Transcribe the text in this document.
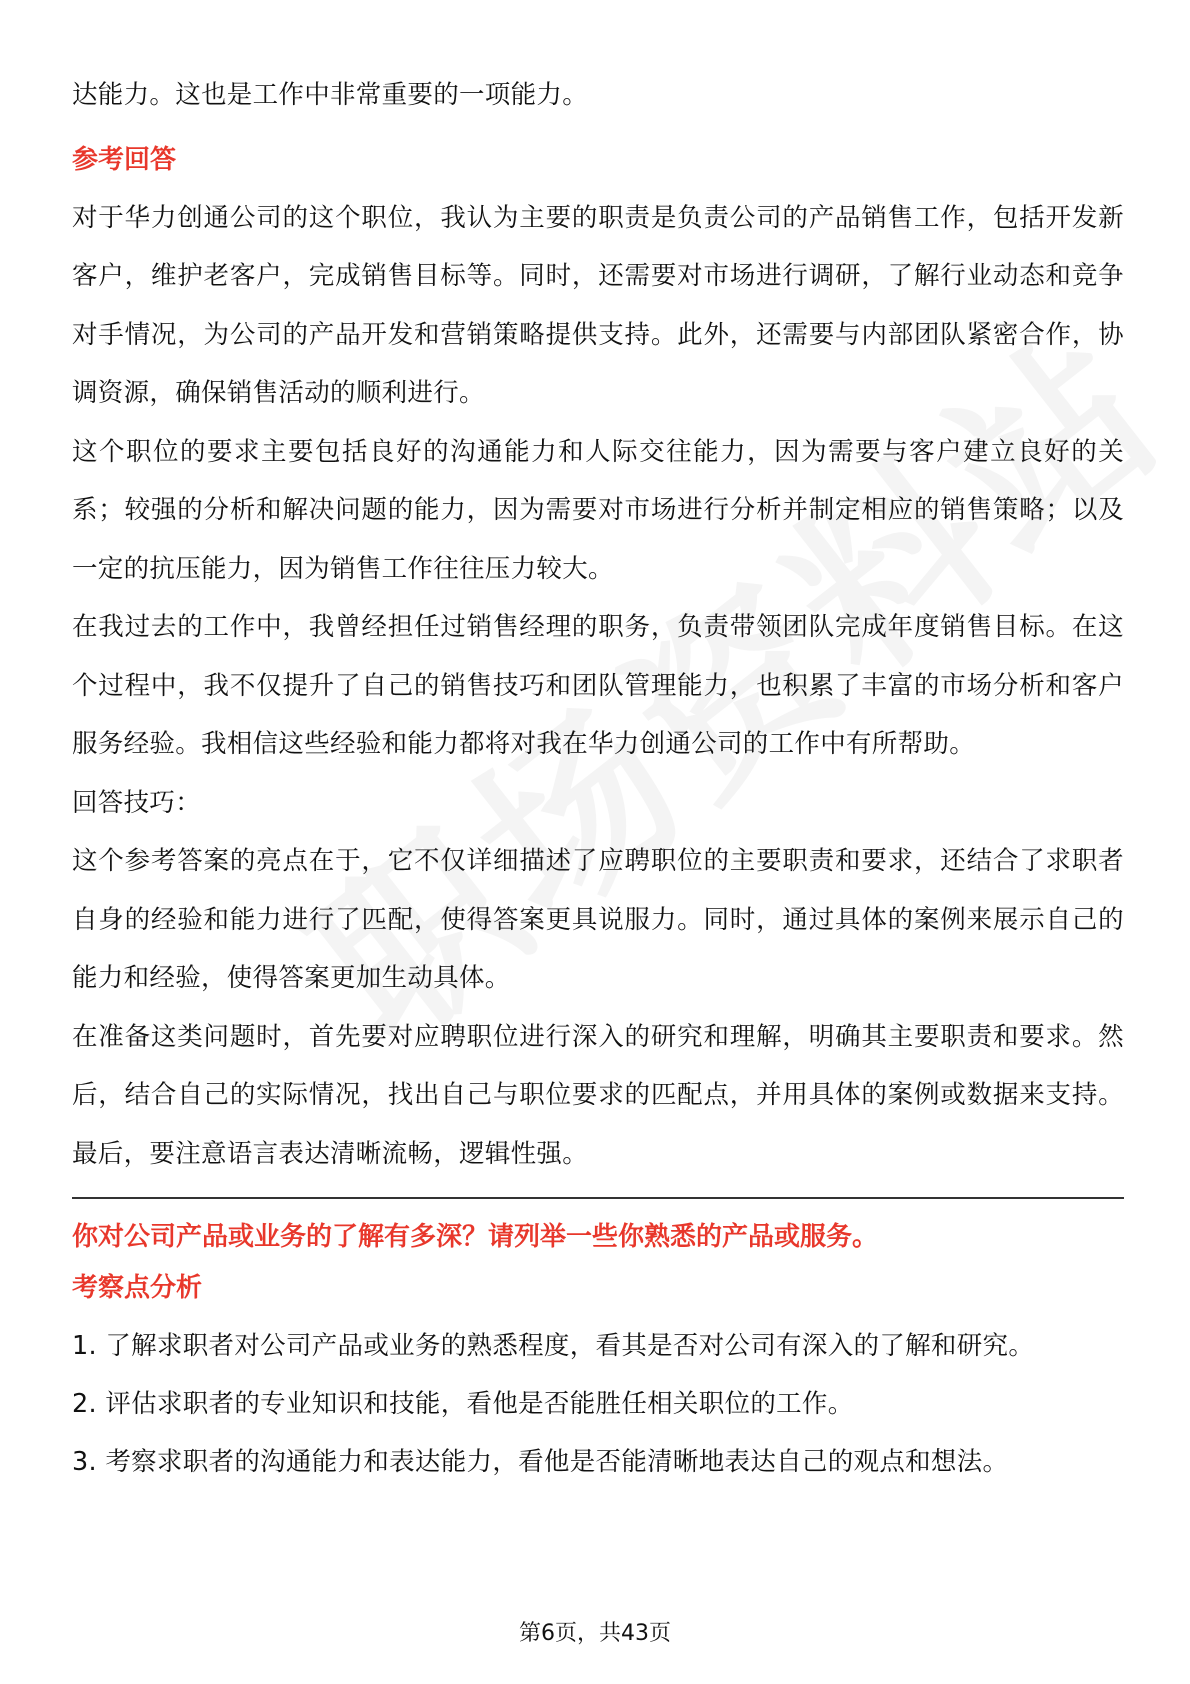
达能力。这也是工作中非常重要的一项能力。

参考回答

对于华力创通公司的这个职位，我认为主要的职责是负责公司的产品销售工作，包括开发新客户，维护老客户，完成销售目标等。同时，还需要对市场进行调研，了解行业动态和竞争对手情况，为公司的产品开发和营销策略提供支持。此外，还需要与内部团队紧密合作，协调资源，确保销售活动的顺利进行。

这个职位的要求主要包括良好的沟通能力和人际交往能力，因为需要与客户建立良好的关系；较强的分析和解决问题的能力，因为需要对市场进行分析并制定相应的销售策略；以及一定的抗压能力，因为销售工作往往压力较大。

在我过去的工作中，我曾经担任过销售经理的职务，负责带领团队完成年度销售目标。在这个过程中，我不仅提升了自己的销售技巧和团队管理能力，也积累了丰富的市场分析和客户服务经验。我相信这些经验和能力都将对我在华力创通公司的工作中有所帮助。

回答技巧：

这个参考答案的亮点在于，它不仅详细描述了应聘职位的主要职责和要求，还结合了求职者自身的经验和能力进行了匹配，使得答案更具说服力。同时，通过具体的案例来展示自己的能力和经验，使得答案更加生动具体。

在准备这类问题时，首先要对应聘职位进行深入的研究和理解，明确其主要职责和要求。然后，结合自己的实际情况，找出自己与职位要求的匹配点，并用具体的案例或数据来支持。最后，要注意语言表达清晰流畅，逻辑性强。

你对公司产品或业务的了解有多深？请列举一些你熟悉的产品或服务。

考察点分析

1. 了解求职者对公司产品或业务的熟悉程度，看其是否对公司有深入的了解和研究。

2. 评估求职者的专业知识和技能，看他是否能胜任相关职位的工作。

3. 考察求职者的沟通能力和表达能力，看他是否能清晰地表达自己的观点和想法。

第6页，共43页
